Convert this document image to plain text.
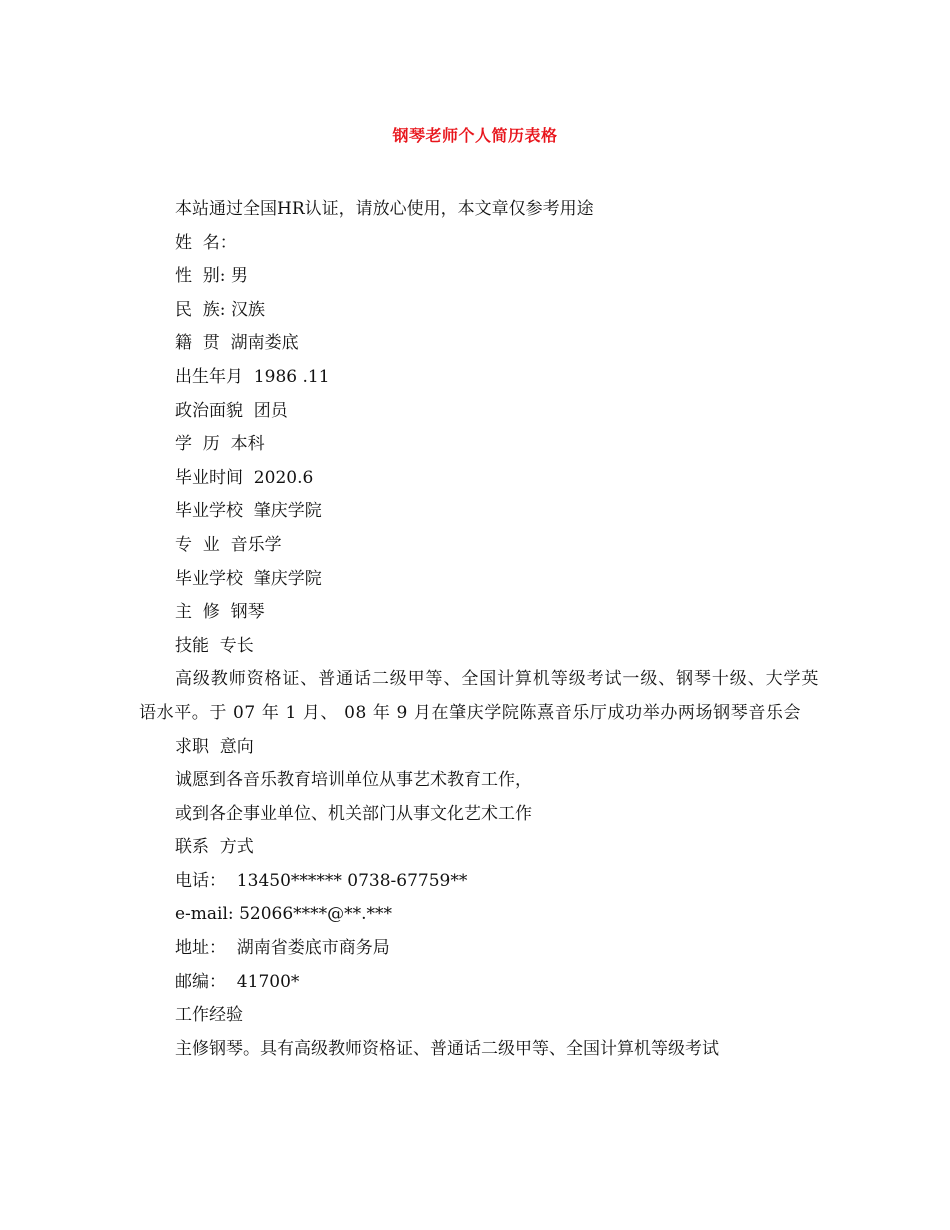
钢琴老师个人简历表格
本站通过全国HR认证，请放心使用，本文章仅参考用途
姓  名：
性  别: 男
民  族: 汉族
籍  贯  湖南娄底
出生年月  1986 .11
政治面貌  团员
学  历  本科
毕业时间  2020.6
毕业学校  肇庆学院
专  业  音乐学
毕业学校  肇庆学院
主  修  钢琴
技能  专长
高级教师资格证、普通话二级甲等、全国计算机等级考试一级、钢琴十级、大学英语水平。于 07 年 1 月、 08 年 9 月在肇庆学院陈熹音乐厅成功举办两场钢琴音乐会
求职  意向
诚愿到各音乐教育培训单位从事艺术教育工作，
或到各企事业单位、机关部门从事文化艺术工作
联系  方式
电话：  13450****** 0738-67759**
e-mail: 52066****@**.***
地址：  湖南省娄底市商务局
邮编：  41700*
工作经验
主修钢琴。具有高级教师资格证、普通话二级甲等、全国计算机等级考试
